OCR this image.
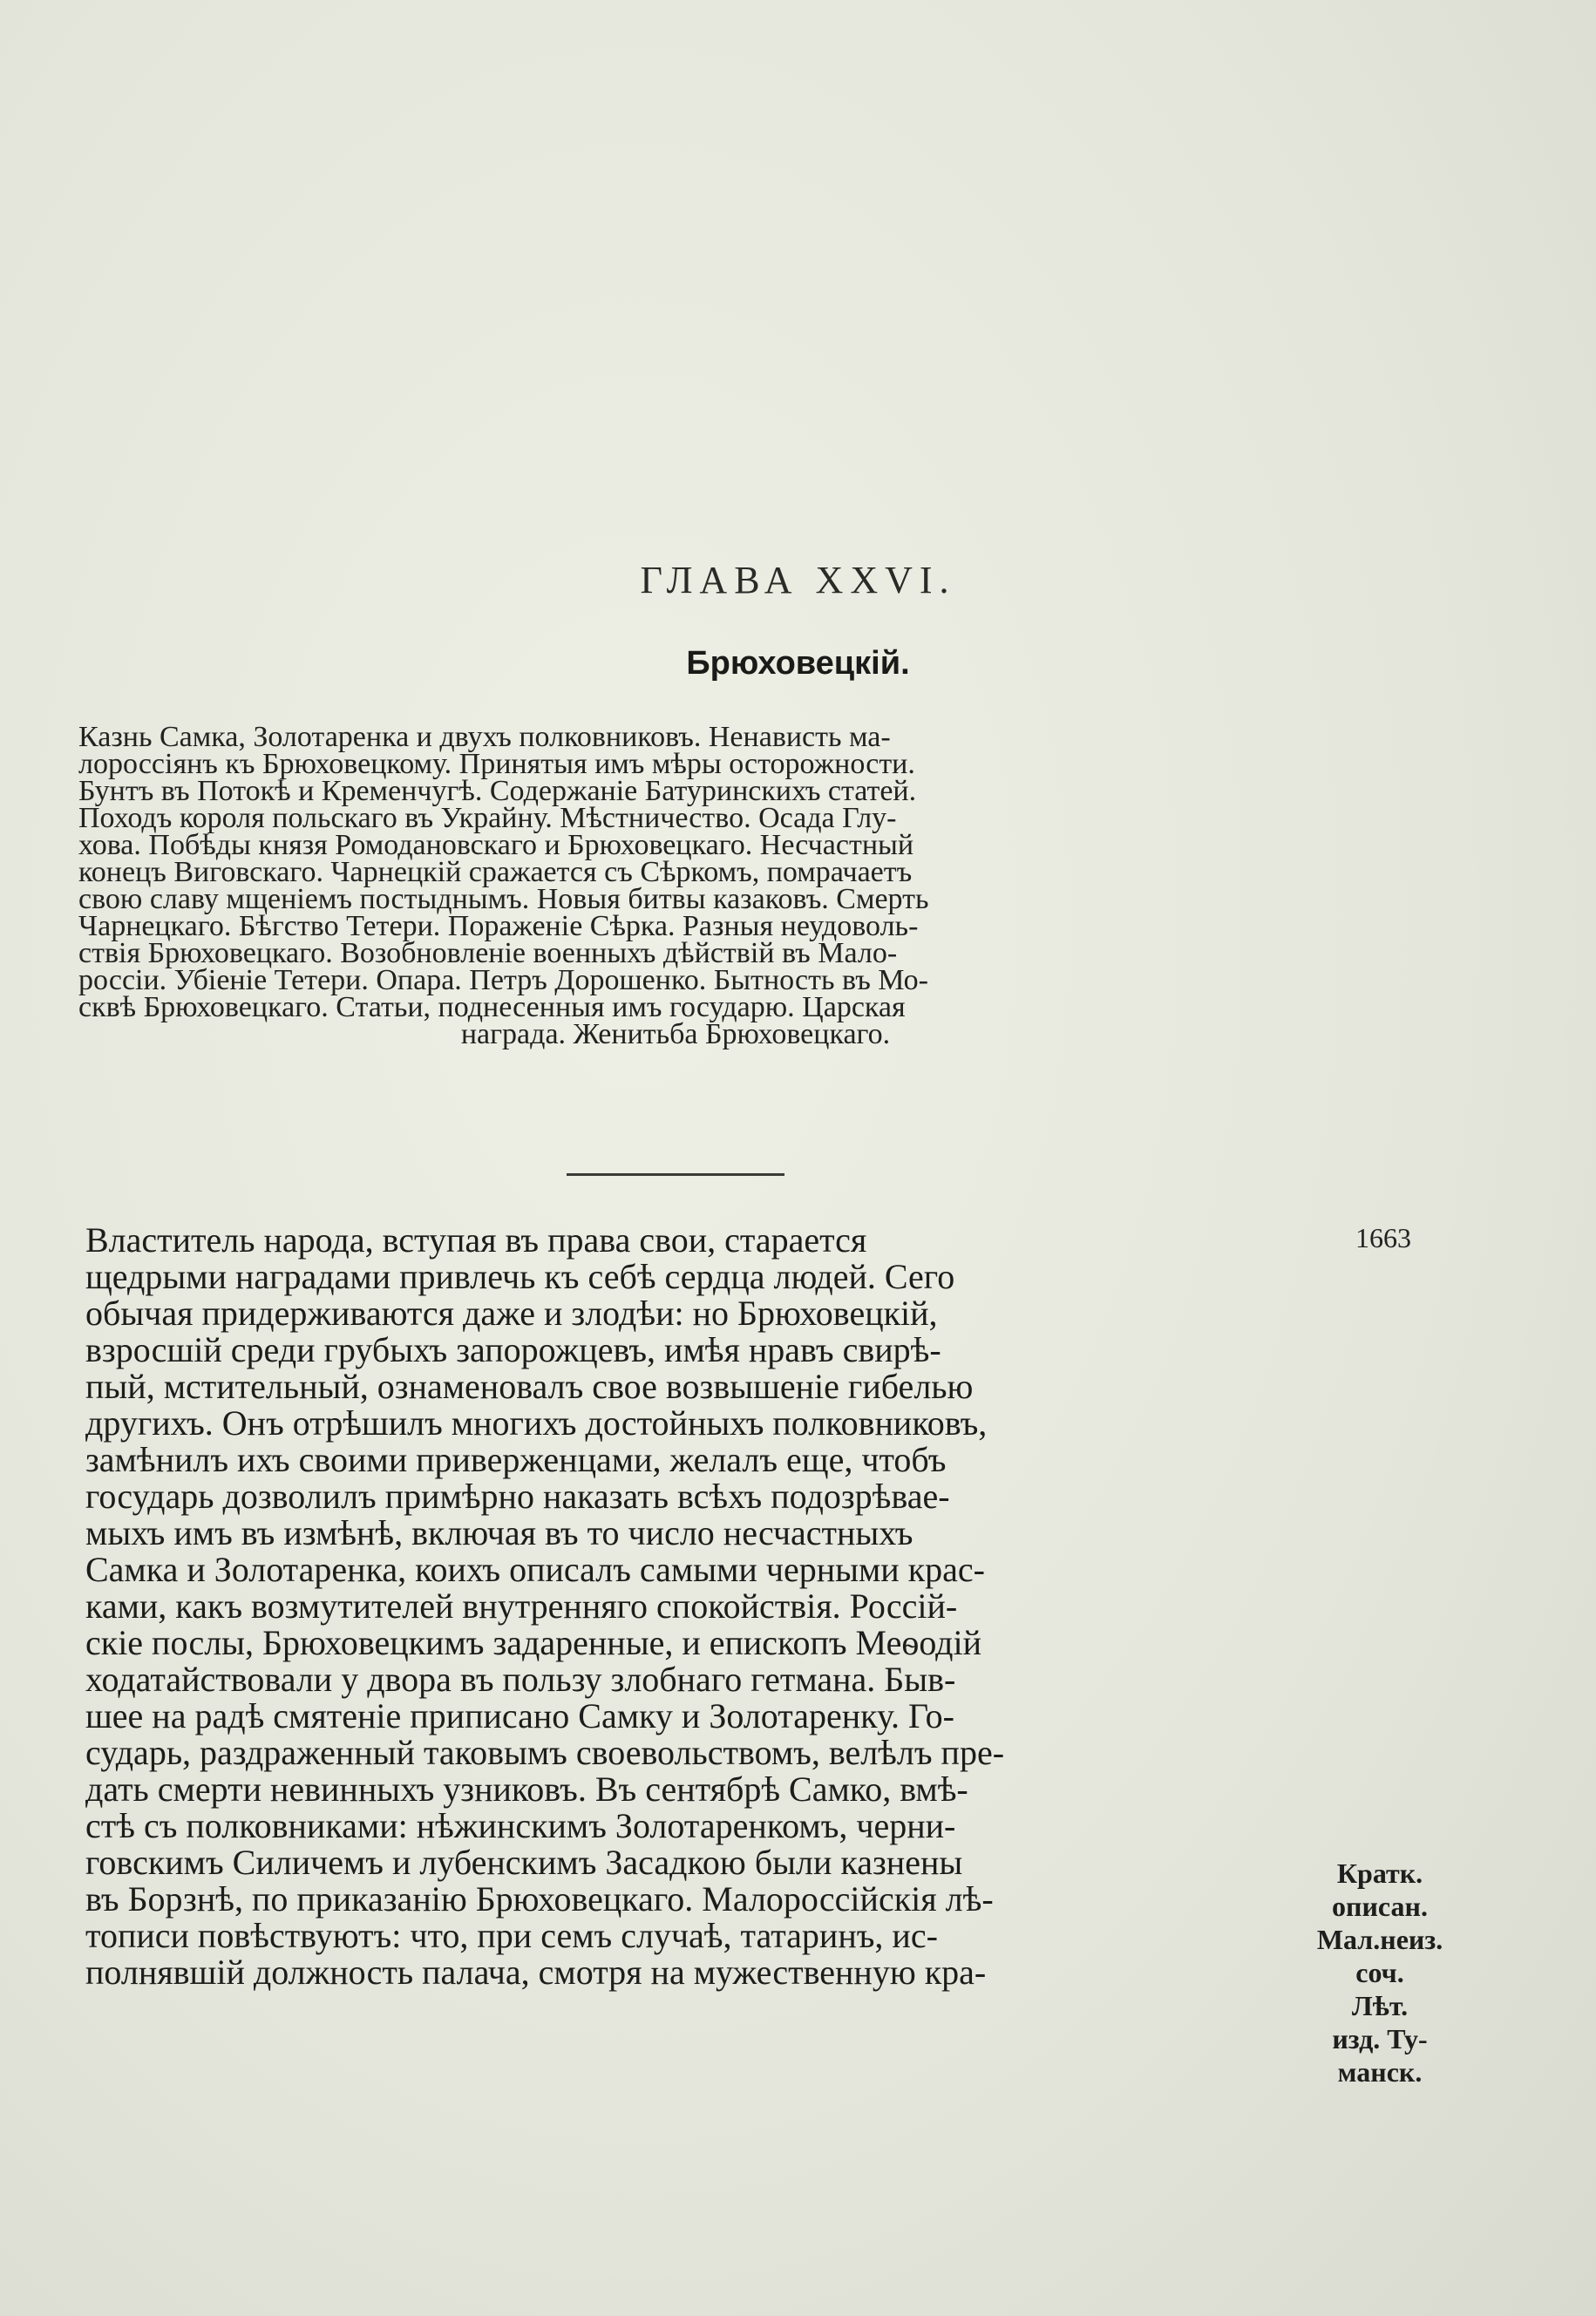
ГЛАВА XXVI.
Брюховецкій.
Казнь Самка, Золотаренка и двухъ полковниковъ. Ненависть ма-
лороссіянъ къ Брюховецкому. Принятыя имъ мѣры осторожности.
Бунтъ въ Потокѣ и Кременчугѣ. Содержаніе Батуринскихъ статей.
Походъ короля польскаго въ Украйну. Мѣстничество. Осада Глу-
хова. Побѣды князя Ромодановскаго и Брюховецкаго. Несчастный
конецъ Виговскаго. Чарнецкій сражается съ Сѣркомъ, помрачаетъ
свою славу мщеніемъ постыднымъ. Новыя битвы казаковъ. Смерть
Чарнецкаго. Бѣгство Тетери. Пораженіе Сѣрка. Разныя неудоволь-
ствія Брюховецкаго. Возобновленіе военныхъ дѣйствій въ Мало-
россіи. Убіеніе Тетери. Опара. Петръ Дорошенко. Бытность въ Мо-
сквѣ Брюховецкаго. Статьи, поднесенныя имъ государю. Царская
награда. Женитьба Брюховецкаго.
1663
Властитель народа, вступая въ права свои, старается
щедрыми наградами привлечь къ себѣ сердца людей. Сего
обычая придерживаются даже и злодѣи: но Брюховецкій,
взросшій среди грубыхъ запорожцевъ, имѣя нравъ свирѣ-
пый, мстительный, ознаменовалъ свое возвышеніе гибелью
другихъ. Онъ отрѣшилъ многихъ достойныхъ полковниковъ,
замѣнилъ ихъ своими приверженцами, желалъ еще, чтобъ
государь дозволилъ примѣрно наказать всѣхъ подозрѣвае-
мыхъ имъ въ измѣнѣ, включая въ то число несчастныхъ
Самка и Золотаренка, коихъ описалъ самыми черными крас-
ками, какъ возмутителей внутренняго спокойствія. Россій-
скіе послы, Брюховецкимъ задаренные, и епископъ Меѳодій
ходатайствовали у двора въ пользу злобнаго гетмана. Быв-
шее на радѣ смятеніе приписано Самку и Золотаренку. Го-
сударь, раздраженный таковымъ своевольствомъ, велѣлъ пре-
дать смерти невинныхъ узниковъ. Въ сентябрѣ Самко, вмѣ-
стѣ съ полковниками: нѣжинскимъ Золотаренкомъ, черни-
говскимъ Силичемъ и лубенскимъ Засадкою были казнены
въ Борзнѣ, по приказанію Брюховецкаго. Малороссійскія лѣ-
тописи повѣствуютъ: что, при семъ случаѣ, татаринъ, ис-
полнявшій должность палача, смотря на мужественную кра-
Кратк.
описан.
Мал.неиз.
соч.
Лѣт.
изд. Ту-
манск.
